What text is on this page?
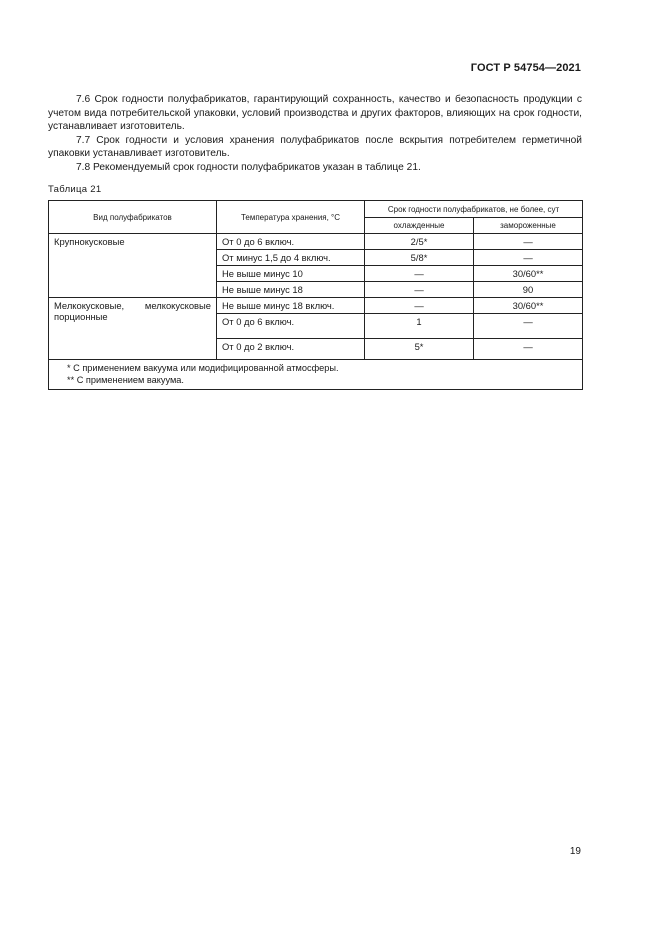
ГОСТ Р 54754—2021

7.6 Срок годности полуфабрикатов, гарантирующий сохранность, качество и безопасность продукции с учетом вида потребительской упаковки, условий производства и других факторов, влияющих на срок годности, устанавливает изготовитель.

7.7 Срок годности и условия хранения полуфабрикатов после вскрытия потребителем герметичной упаковки устанавливает изготовитель.

7.8 Рекомендуемый срок годности полуфабрикатов указан в таблице 21.

Таблица 21
Вид полуфабрикатов	Температура хранения, °С	Срок годности полуфабрикатов, не более, сут	
		охлажденные	замороженные
Крупнокусковые	От 0 до 6 включ.	2/5*	—
	От минус 1,5 до 4 включ.	5/8*	—
	Не выше минус 10	—	30/60**
	Не выше минус 18	—	90
Мелкокусковые, мелкокусковые порционные	Не выше минус 18 включ.	—	30/60**
	От 0 до 6 включ.	1	—
	От 0 до 2 включ.	5*	—

* С применением вакуума или модифицированной атмосферы.
** С применением вакуума.			
19
